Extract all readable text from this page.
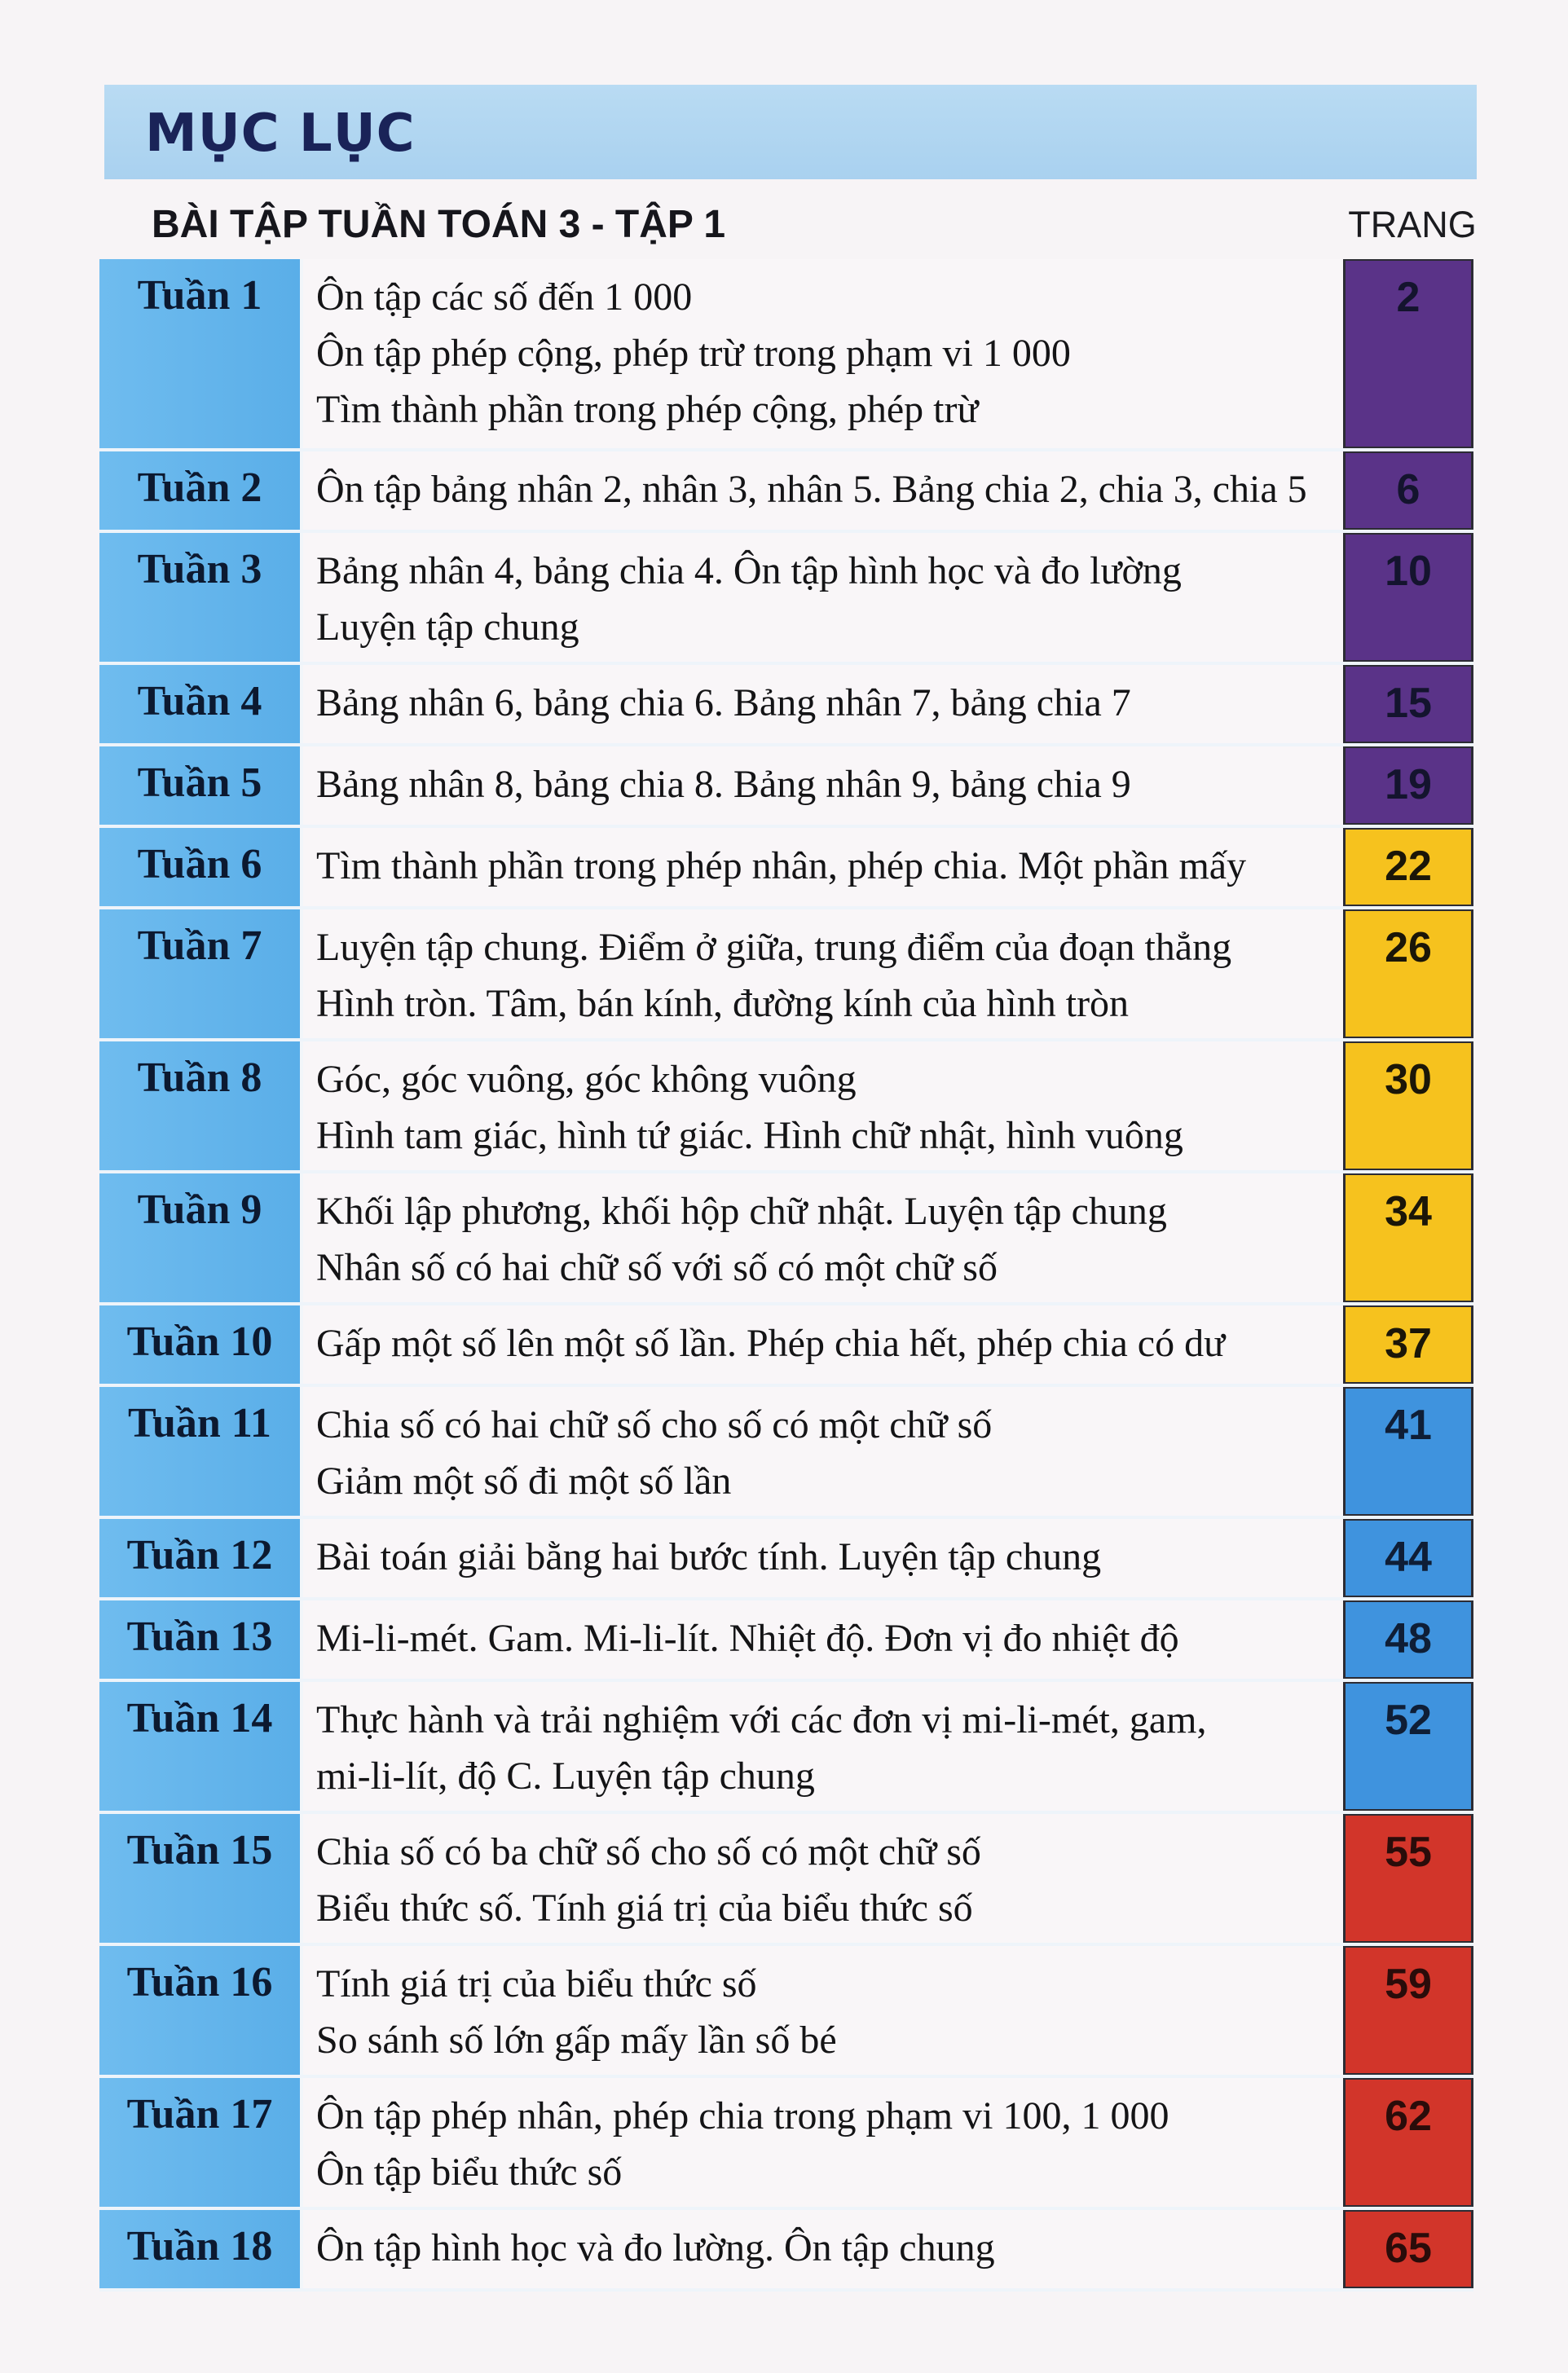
MỤC LỤC
BÀI TẬP TUẦN TOÁN 3 - TẬP 1	TRANG
Tuần 1	Ôn tập các số đến 1 000
Ôn tập phép cộng, phép trừ trong phạm vi 1 000
Tìm thành phần trong phép cộng, phép trừ
2
Tuần 2	Ôn tập bảng nhân 2, nhân 3, nhân 5. Bảng chia 2, chia 3, chia 5	6
Tuần 3	Bảng nhân 4, bảng chia 4. Ôn tập hình học và đo lường
Luyện tập chung
10
Tuần 4	Bảng nhân 6, bảng chia 6. Bảng nhân 7, bảng chia 7	15
Tuần 5	Bảng nhân 8, bảng chia 8. Bảng nhân 9, bảng chia 9	19
Tuần 6	Tìm thành phần trong phép nhân, phép chia. Một phần mấy	22
Tuần 7	Luyện tập chung. Điểm ở giữa, trung điểm của đoạn thẳng
Hình tròn. Tâm, bán kính, đường kính của hình tròn
26
Tuần 8	Góc, góc vuông, góc không vuông
Hình tam giác, hình tứ giác. Hình chữ nhật, hình vuông
30
Tuần 9	Khối lập phương, khối hộp chữ nhật. Luyện tập chung
Nhân số có hai chữ số với số có một chữ số
34
Tuần 10	Gấp một số lên một số lần. Phép chia hết, phép chia có dư	37
Tuần 11	Chia số có hai chữ số cho số có một chữ số
Giảm một số đi một số lần
41
Tuần 12	Bài toán giải bằng hai bước tính. Luyện tập chung	44
Tuần 13	Mi-li-mét. Gam. Mi-li-lít. Nhiệt độ. Đơn vị đo nhiệt độ	48
Tuần 14	Thực hành và trải nghiệm với các đơn vị mi-li-mét, gam,
mi-li-lít, độ C. Luyện tập chung
52
Tuần 15	Chia số có ba chữ số cho số có một chữ số
Biểu thức số. Tính giá trị của biểu thức số
55
Tuần 16	Tính giá trị của biểu thức số
So sánh số lớn gấp mấy lần số bé
59
Tuần 17	Ôn tập phép nhân, phép chia trong phạm vi 100, 1 000
Ôn tập biểu thức số
62
Tuần 18	Ôn tập hình học và đo lường. Ôn tập chung	65
